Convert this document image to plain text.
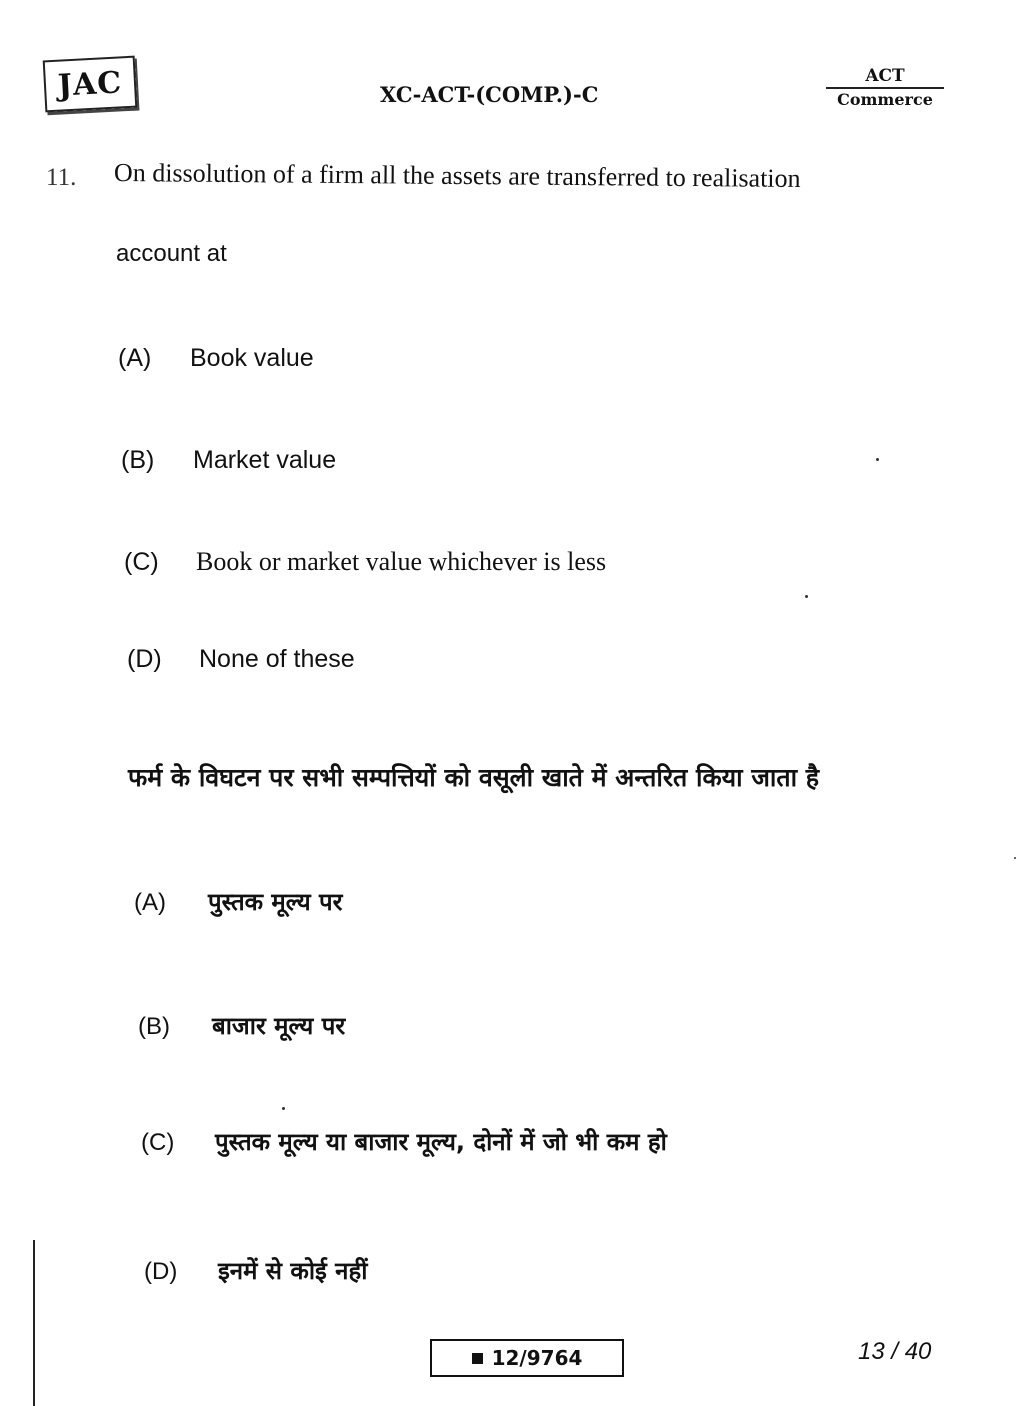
JAC	XC-ACT-(COMP.)-C
ACT
Commerce
11. On dissolution of a firm all the assets are transferred to realisation
account at
(A) Book value
(B) Market value
(C) Book or market value whichever is less
(D) None of these
फर्म के विघटन पर सभी सम्पत्तियों को वसूली खाते में अन्तरित किया जाता है
(A) पुस्तक मूल्य पर
(B) बाजार मूल्य पर
(C) पुस्तक मूल्य या बाजार मूल्य, दोनों में जो भी कम हो
(D) इनमें से कोई नहीं
12/9764	13 / 40
